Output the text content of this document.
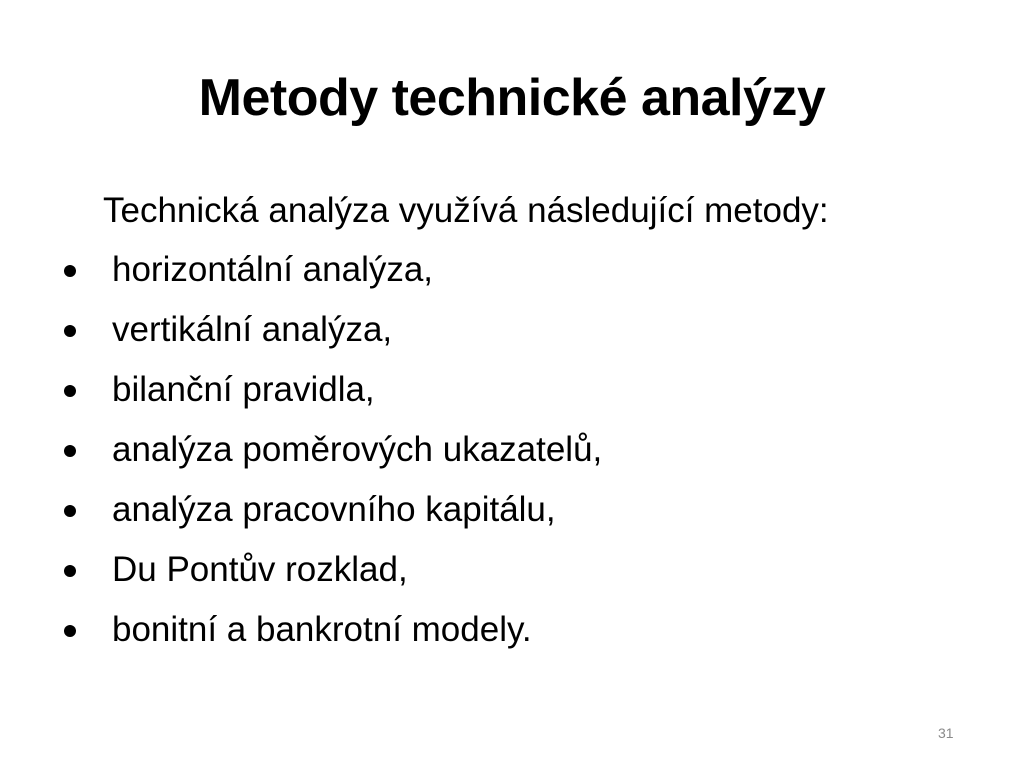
Metody technické analýzy
Technická analýza využívá následující metody:
horizontální analýza,
vertikální analýza,
bilanční pravidla,
analýza poměrových ukazatelů,
analýza pracovního kapitálu,
Du Pontův rozklad,
bonitní a bankrotní modely.
31
